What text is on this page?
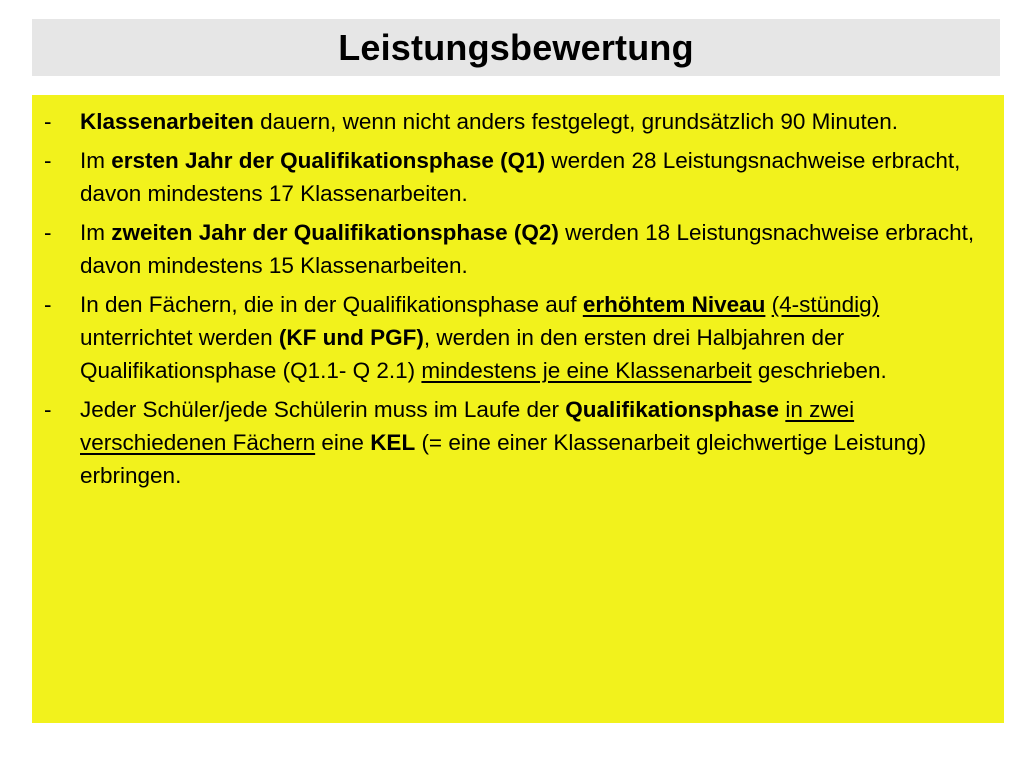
Leistungsbewertung
- Klassenarbeiten dauern, wenn nicht anders festgelegt, grundsätzlich 90 Minuten.
- Im ersten Jahr der Qualifikationsphase (Q1) werden 28 Leistungsnachweise erbracht, davon mindestens 17 Klassenarbeiten.
- Im zweiten Jahr der Qualifikationsphase (Q2) werden 18 Leistungsnachweise erbracht, davon mindestens 15 Klassenarbeiten.
- In den Fächern, die in der Qualifikationsphase auf erhöhtem Niveau (4-stündig) unterrichtet werden (KF und PGF), werden in den ersten drei Halbjahren der Qualifikationsphase (Q1.1- Q 2.1) mindestens je eine Klassenarbeit geschrieben.
- Jeder Schüler/jede Schülerin muss im Laufe der Qualifikationsphase in zwei verschiedenen Fächern eine KEL (= eine einer Klassenarbeit gleichwertige Leistung) erbringen.
